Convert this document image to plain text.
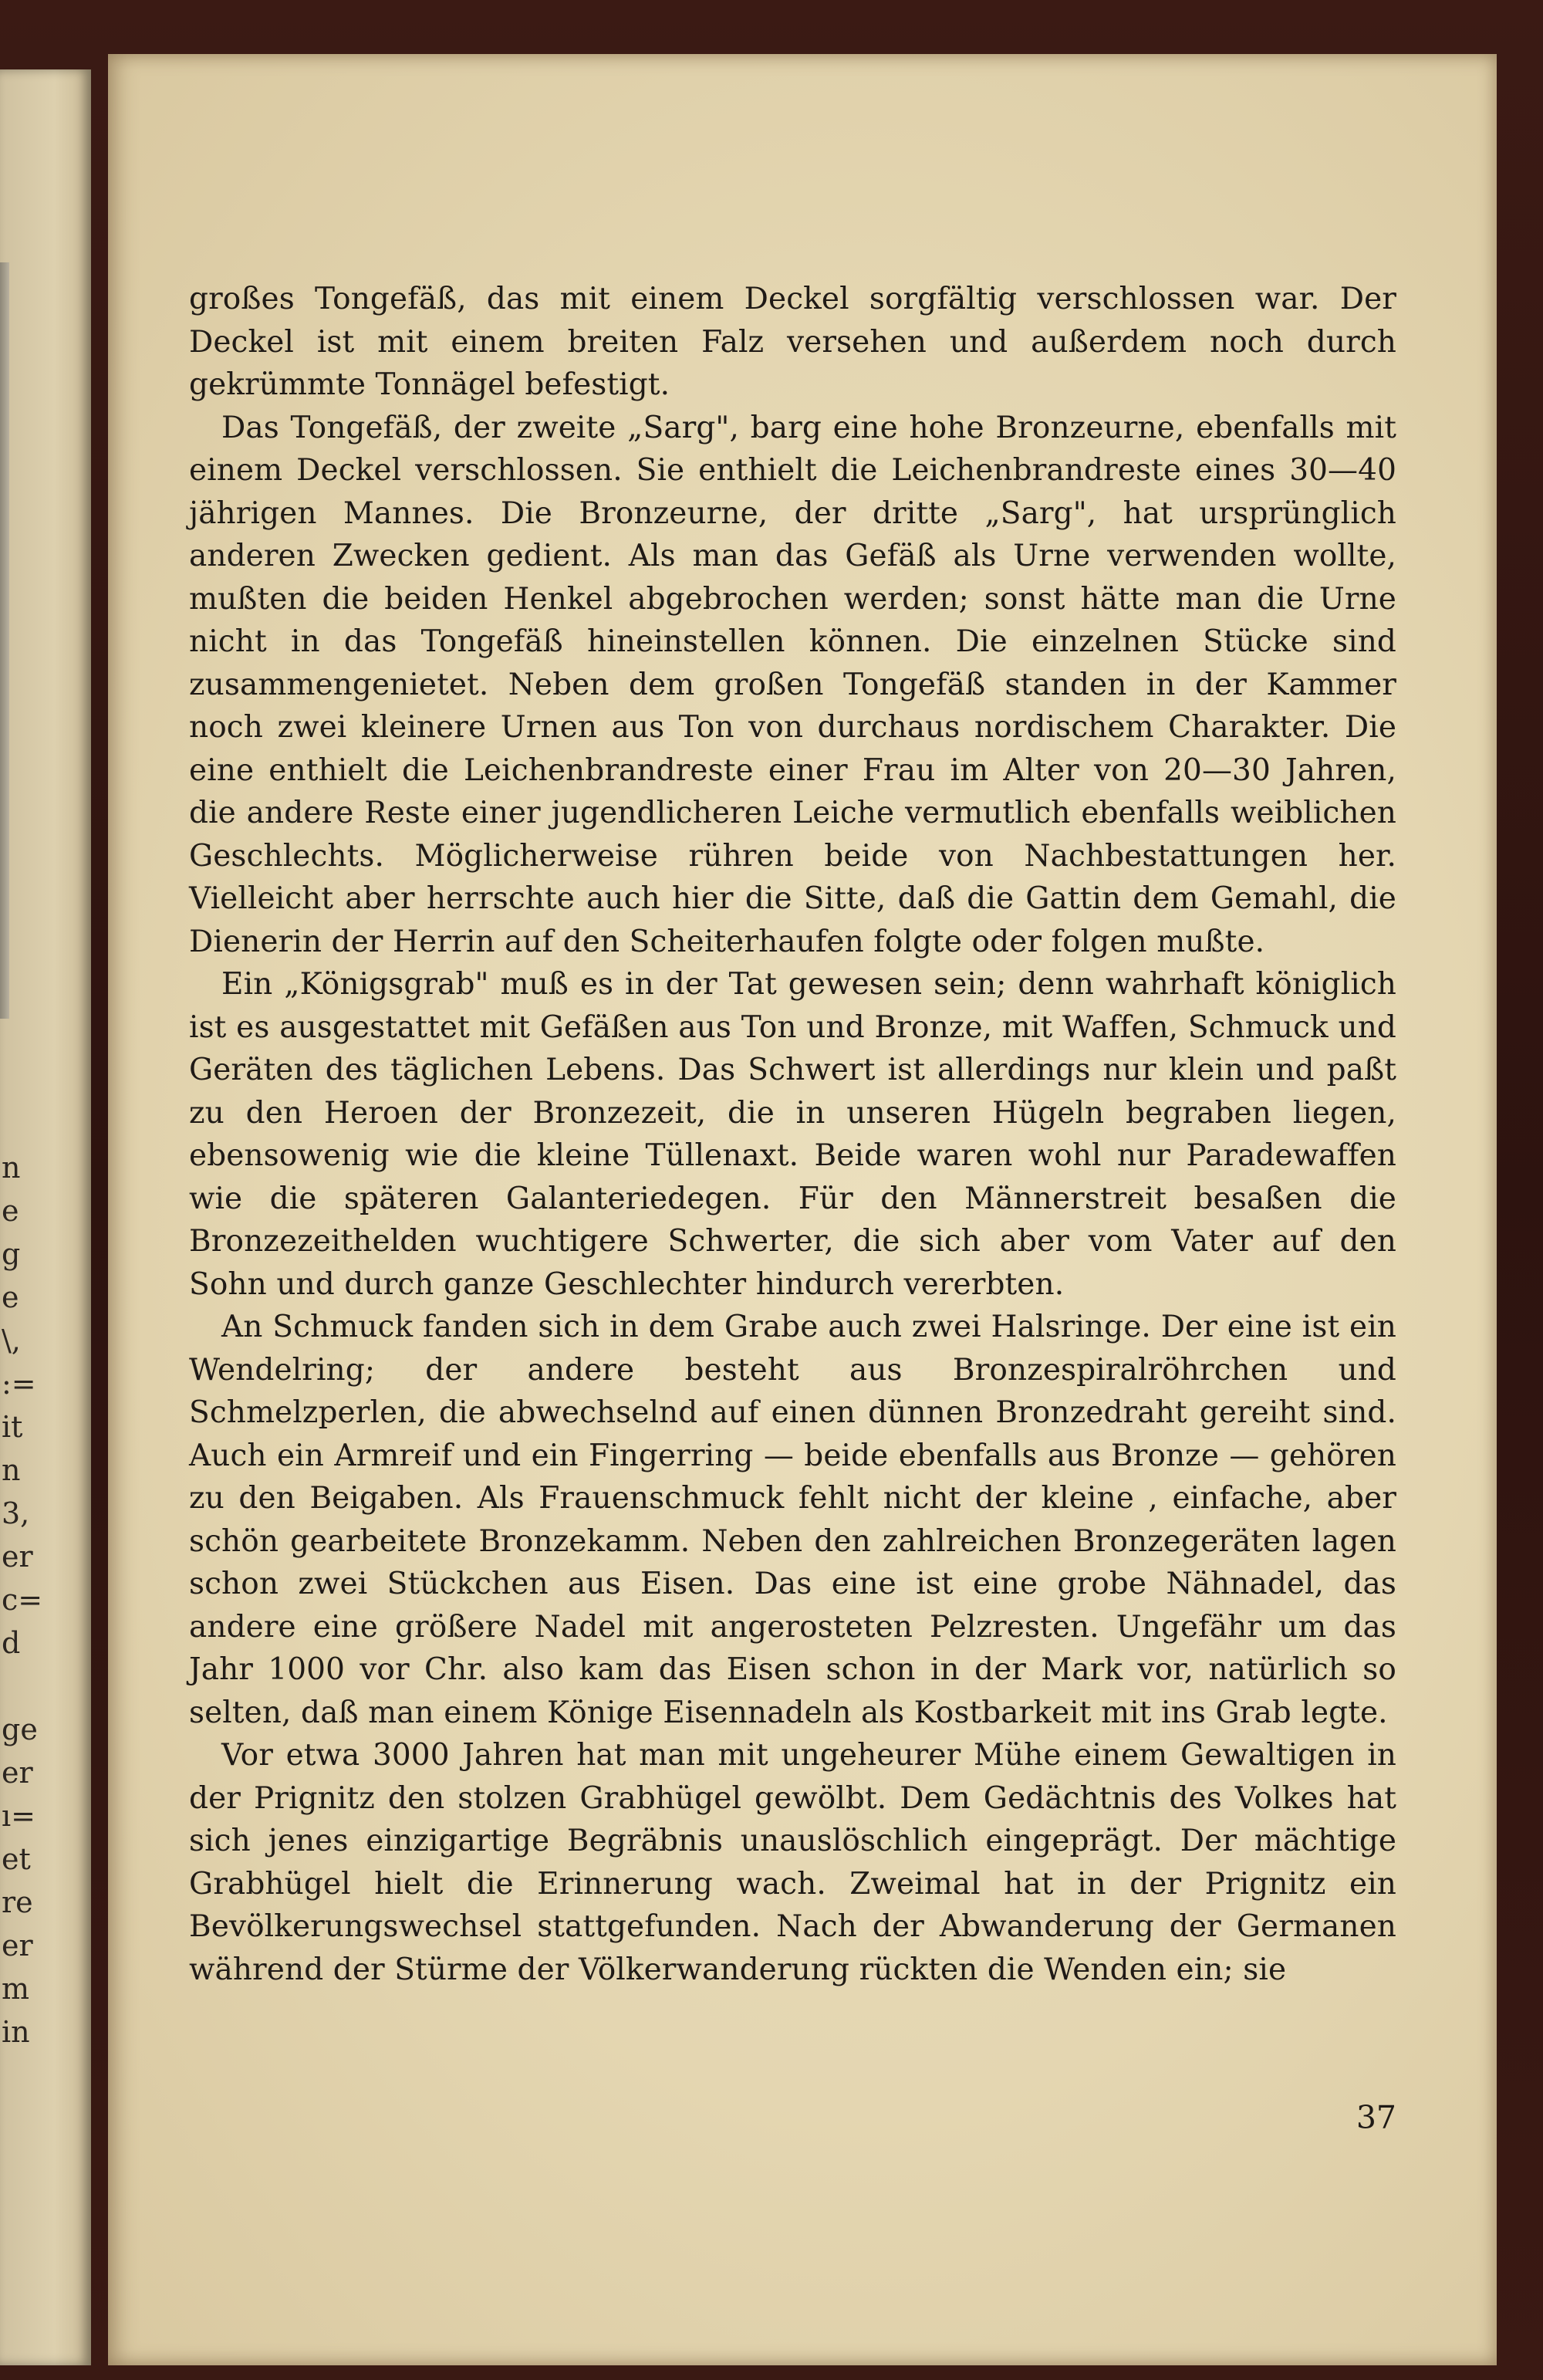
n
e
g
e
\,
:=
it
n
3,
er
c=
d

ge
er
ı=
et
re
er
m
in

großes Tongefäß, das mit einem Deckel sorgfältig verschlossen war. Der Deckel ist mit einem breiten Falz versehen und außerdem noch durch gekrümmte Tonnägel befestigt.

Das Tongefäß, der zweite „Sarg", barg eine hohe Bronzeurne, ebenfalls mit einem Deckel verschlossen. Sie enthielt die Leichenbrandreste eines 30—40 jährigen Mannes. Die Bronzeurne, der dritte „Sarg", hat ursprünglich anderen Zwecken gedient. Als man das Gefäß als Urne verwenden wollte, mußten die beiden Henkel abgebrochen werden; sonst hätte man die Urne nicht in das Tongefäß hineinstellen können. Die einzelnen Stücke sind zusammengenietet. Neben dem großen Tongefäß standen in der Kammer noch zwei kleinere Urnen aus Ton von durchaus nordischem Charakter. Die eine enthielt die Leichenbrandreste einer Frau im Alter von 20—30 Jahren, die andere Reste einer jugendlicheren Leiche vermutlich ebenfalls weiblichen Geschlechts. Möglicherweise rühren beide von Nachbestattungen her. Vielleicht aber herrschte auch hier die Sitte, daß die Gattin dem Gemahl, die Dienerin der Herrin auf den Scheiterhaufen folgte oder folgen mußte.

Ein „Königsgrab" muß es in der Tat gewesen sein; denn wahrhaft königlich ist es ausgestattet mit Gefäßen aus Ton und Bronze, mit Waffen, Schmuck und Geräten des täglichen Lebens. Das Schwert ist allerdings nur klein und paßt zu den Heroen der Bronzezeit, die in unseren Hügeln begraben liegen, ebensowenig wie die kleine Tüllenaxt. Beide waren wohl nur Paradewaffen wie die späteren Galanteriedegen. Für den Männerstreit besaßen die Bronzezeithelden wuchtigere Schwerter, die sich aber vom Vater auf den Sohn und durch ganze Geschlechter hindurch vererbten.

An Schmuck fanden sich in dem Grabe auch zwei Halsringe. Der eine ist ein Wendelring; der andere besteht aus Bronzespiralröhrchen und Schmelzperlen, die abwechselnd auf einen dünnen Bronzedraht gereiht sind. Auch ein Armreif und ein Fingerring — beide ebenfalls aus Bronze — gehören zu den Beigaben. Als Frauenschmuck fehlt nicht der kleine , einfache, aber schön gearbeitete Bronzekamm. Neben den zahlreichen Bronzegeräten lagen schon zwei Stückchen aus Eisen. Das eine ist eine grobe Nähnadel, das andere eine größere Nadel mit angerosteten Pelzresten. Ungefähr um das Jahr 1000 vor Chr. also kam das Eisen schon in der Mark vor, natürlich so selten, daß man einem Könige Eisennadeln als Kostbarkeit mit ins Grab legte.

Vor etwa 3000 Jahren hat man mit ungeheurer Mühe einem Gewaltigen in der Prignitz den stolzen Grabhügel gewölbt. Dem Gedächtnis des Volkes hat sich jenes einzigartige Begräbnis unauslöschlich eingeprägt. Der mächtige Grabhügel hielt die Erinnerung wach. Zweimal hat in der Prignitz ein Bevölkerungswechsel stattgefunden. Nach der Abwanderung der Germanen während der Stürme der Völkerwanderung rückten die Wenden ein; sie

37
